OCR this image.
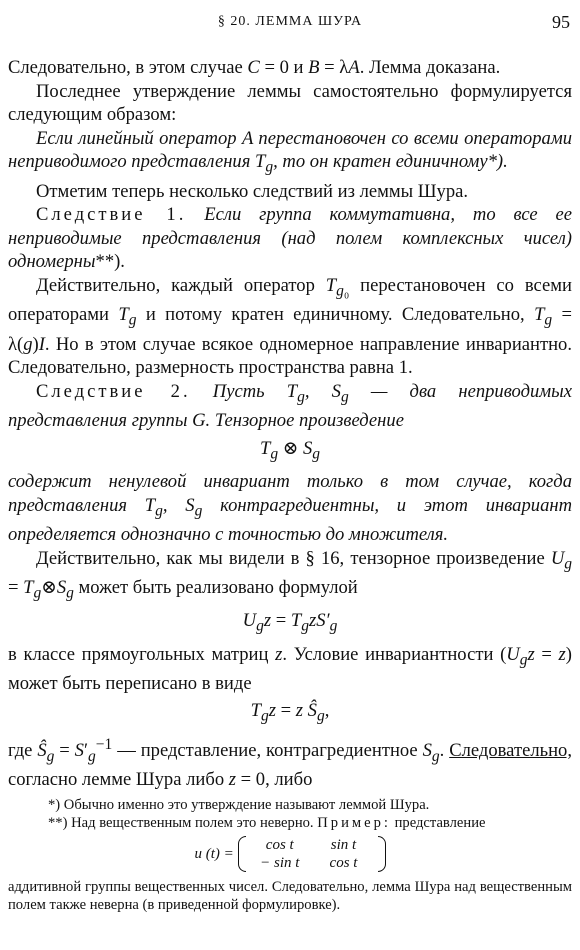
§ 20. ЛЕММА ШУРА	95

Следовательно, в этом случае C = 0 и B = λA. Лемма доказана.

Последнее утверждение леммы самостоятельно формулируется следующим образом:

Если линейный оператор A перестановочен со всеми операторами неприводимого представления $T_g$, то он кратен единичному*).

Отметим теперь несколько следствий из леммы Шура.

Следствие 1. Если группа коммутативна, то все ее неприводимые представления (над полем комплексных чисел) одномерны**).

Действительно, каждый оператор $T_{g_0}$ перестановочен со всеми операторами $T_g$ и потому кратен единичному. Следовательно, $T_g = \lambda(g)I$. Но в этом случае всякое одномерное направление инвариантно. Следовательно, размерность пространства равна 1.

Следствие 2. Пусть $T_g$, $S_g$ — два неприводимых представления группы G. Тензорное произведение

$T_g$ ⊗ $S_g$

содержит ненулевой инвариант только в том случае, когда представления $T_g$, $S_g$ контрагредиентны, и этот инвариант определяется однозначно с точностью до множителя.

Действительно, как мы видели в § 16, тензорное произведение $U_g$ = $T_g\otimes S_g$ может быть реализовано формулой

$U_gz = T_gzS'_g$

в классе прямоугольных матриц z. Условие инвариантности $(U_gz = z)$ может быть переписано в виде

$T_gz = z$ $Ŝ_g$,

где $Ŝ_g = S'_g^{-1}$ — представление, контрагредиентное $S_g$. Следовательно, согласно лемме Шура либо z = 0, либо

*) Обычно именно это утверждение называют леммой Шура.

**) Над вещественным полем это неверно. Пример: представление

u (t) =
cos t sin t
− sin t cos t

аддитивной группы вещественных чисел. Следовательно, лемма Шура над вещественным полем также неверна (в приведенной формулировке).
